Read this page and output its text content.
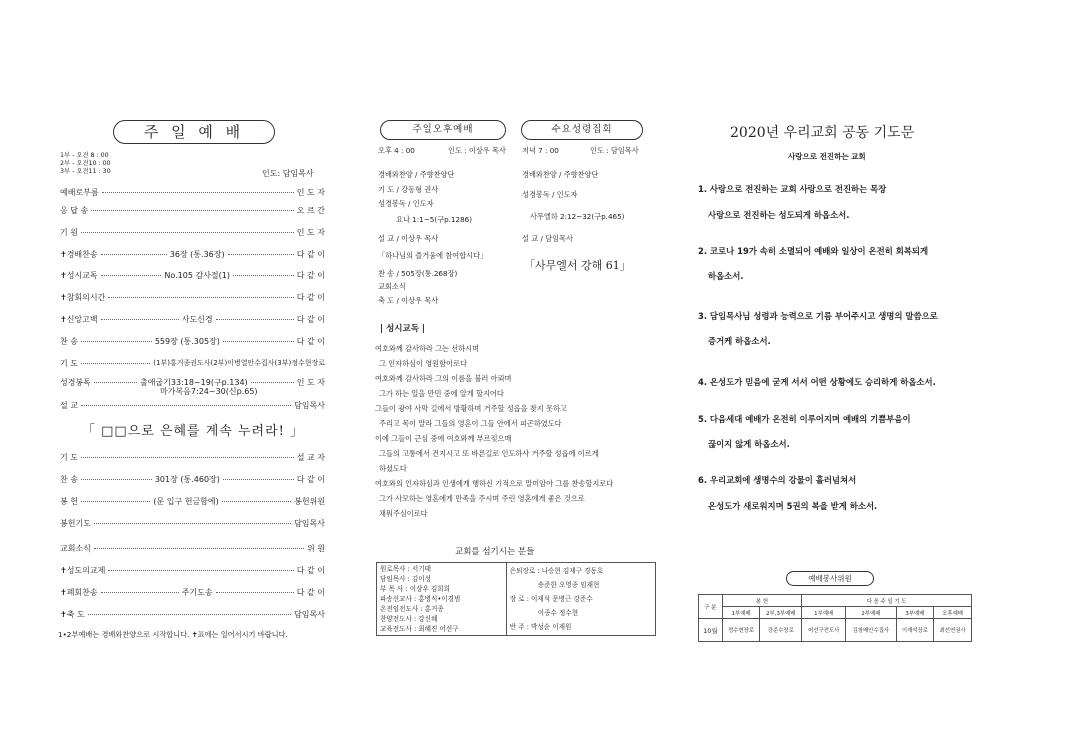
주 일 예 배
1부 - 오전 8 : 00
2부 - 오전10 : 00
3부 - 오전11 : 30	인도: 담임목사
예배로부름	인 도 자
응 답 송	오 르 간
기 원	인 도 자
✝경배찬송	36장 (통.36장)	다 같 이
✝성시교독	No.105 감사절(1)	다 같 이
✝참회의시간	다 같 이
✝신앙고백	사도신경	다 같 이
찬 송	559장 (통.305장)	다 같 이
기 도	(1부)홍거종권도사(2부)이병열안수집사(3부)정수현장로
성경봉독	출애굽기33:18~19(구p.134)	인 도 자
마가복음7:24~30(신p.65)
설 교	담임목사
「 □□으로 은혜를 계속 누려라! 」
기 도	설 교 자
찬 송	301장 (통.460장)	다 같 이
봉 헌	(문 입구 헌금함에)	봉헌위원
봉헌기도	담임목사
교회소식	위 원
✝성도의교제	다 같 이
✝폐회찬송	주기도송	다 같 이
✝축 도	담임목사
1•2부예배는 경배와찬양으로 시작합니다. ✝표에는 일어서시기 바랍니다.
주일오후예배	수요성령집회
오후 4 : 00	인도 : 이상우 목사
경배와찬양 / 주향찬양단
기 도 / 강동형 권사
성경봉독 / 인도자
요나 1:1~5(구p.1286)
설 교 / 이상우 목사
「하나님의 즐거움에 참여합시다」
찬 송 / 505장(통.268장)
교회소식
축 도 / 이상우 목사
저녁 7 : 00	인도 : 담임목사
경배와찬양 / 주향찬양단
성경봉독 / 인도자
사무엘하 2:12~32(구p.465)
설 교 / 담임목사
「사무엘서 강해 61」
| 성시교독 |
여호와께 감사하라 그는 선하시며
그 인자하심이 영원함이로다
여호와께 감사하라 그의 이름을 불러 아뢰며
그가 하는 일을 만민 중에 알게 할지어다
그들이 광야 사막 길에서 방황하며 거주할 성읍을 찾지 못하고
주리고 목이 말라 그들의 영혼이 그들 안에서 피곤하였도다
이에 그들이 근심 중에 여호와께 부르짖으매
그들의 고통에서 건지시고 또 바른길로 인도하사 거주할 성읍에 이르게
하셨도다
여호와의 인자하심과 인생에게 행하신 기적으로 말미암아 그를 찬송할지로다
그가 사모하는 영혼에게 만족을 주시며 주린 영혼에게 좋은 것으로
채워주심이로다
교회를 섬기시는 분들
원로목사 : 서기태
담임목사 : 김이성
부 목 사 : 이상우 김희희
파송선교사 : 홍병식•이경범
온전임전도사 : 홍거종
찬양전도사 : 강신혜
교육전도사 : 최혜진 어선구

은퇴장로 : 나승현 김재구 경동호
송준한 오영종 임재현
장 로 : 이재석 문병근 강준수
이종수 정수현
반 주 : 박성순 이재원
2020년 우리교회 공동 기도문
사랑으로 전진하는 교회
1. 사랑으로 전진하는 교회 사랑으로 전진하는 목장
사랑으로 전진하는 성도되게 하옵소서.
2. 코로나 19가 속히 소멸되어 예배와 일상이 온전히 회복되게
하옵소서.
3. 담임목사님 성령과 능력으로 기름 부어주시고 생명의 말씀으로
증거케 하옵소서.
4. 온성도가 믿음에 굳게 서서 어떤 상황에도 승리하게 하옵소서.
5. 다음세대 예배가 온전히 이루어지며 예배의 기쁨부음이
끊이지 않게 하옵소서.
6. 우리교회에 생명수의 강물이 흘러넘쳐서
온성도가 새로워지며 5권의 복을 받게 하소서.
예배봉사위원
구 분	봉 헌		다 음 주 일 기 도			
	1부예배	2부,3부예배	1부예배	2부예배	3부예배	오후예배
10월	정수현장로	강준수장로	어선구전도사	김창배안수집사	이재석장로	최선연권사
